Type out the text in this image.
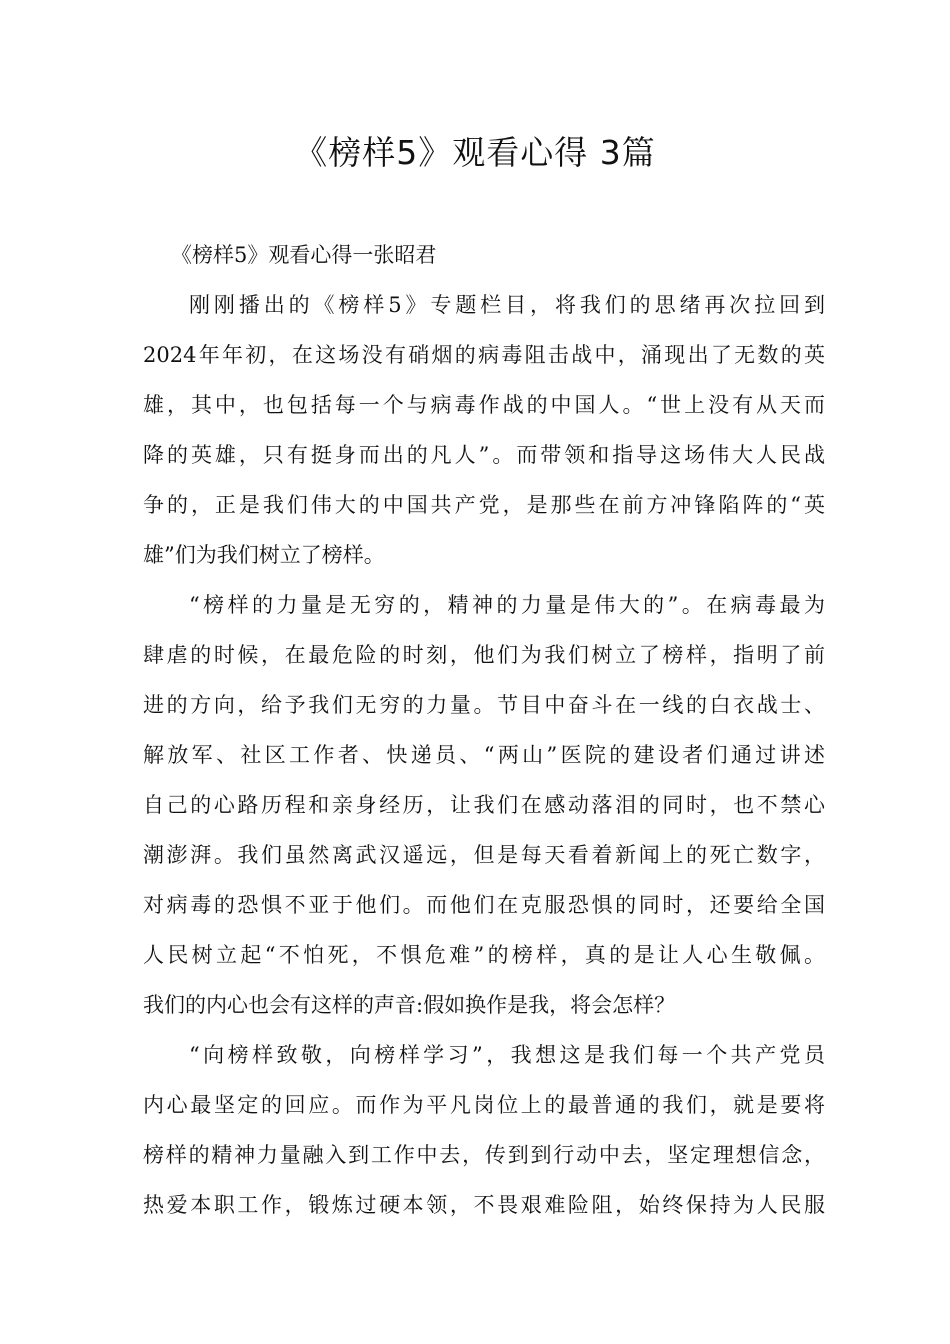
《榜样5》观看心得 3篇
《榜样5》观看心得一张昭君
刚刚播出的《榜样5》专题栏目，将我们的思绪再次拉回到
2024年年初，在这场没有硝烟的病毒阻击战中，涌现出了无数的英
雄，其中，也包括每一个与病毒作战的中国人。“世上没有从天而
降的英雄，只有挺身而出的凡人”。而带领和指导这场伟大人民战
争的，正是我们伟大的中国共产党，是那些在前方冲锋陷阵的“英
雄”们为我们树立了榜样。
“榜样的力量是无穷的，精神的力量是伟大的”。在病毒最为
肆虐的时候，在最危险的时刻，他们为我们树立了榜样，指明了前
进的方向，给予我们无穷的力量。节目中奋斗在一线的白衣战士、
解放军、社区工作者、快递员、“两山”医院的建设者们通过讲述
自己的心路历程和亲身经历，让我们在感动落泪的同时，也不禁心
潮澎湃。我们虽然离武汉遥远，但是每天看着新闻上的死亡数字，
对病毒的恐惧不亚于他们。而他们在克服恐惧的同时，还要给全国
人民树立起“不怕死，不惧危难”的榜样，真的是让人心生敬佩。
我们的内心也会有这样的声音:假如换作是我，将会怎样？
“向榜样致敬，向榜样学习”，我想这是我们每一个共产党员
内心最坚定的回应。而作为平凡岗位上的最普通的我们，就是要将
榜样的精神力量融入到工作中去，传到到行动中去，坚定理想信念，
热爱本职工作，锻炼过硬本领，不畏艰难险阻，始终保持为人民服
